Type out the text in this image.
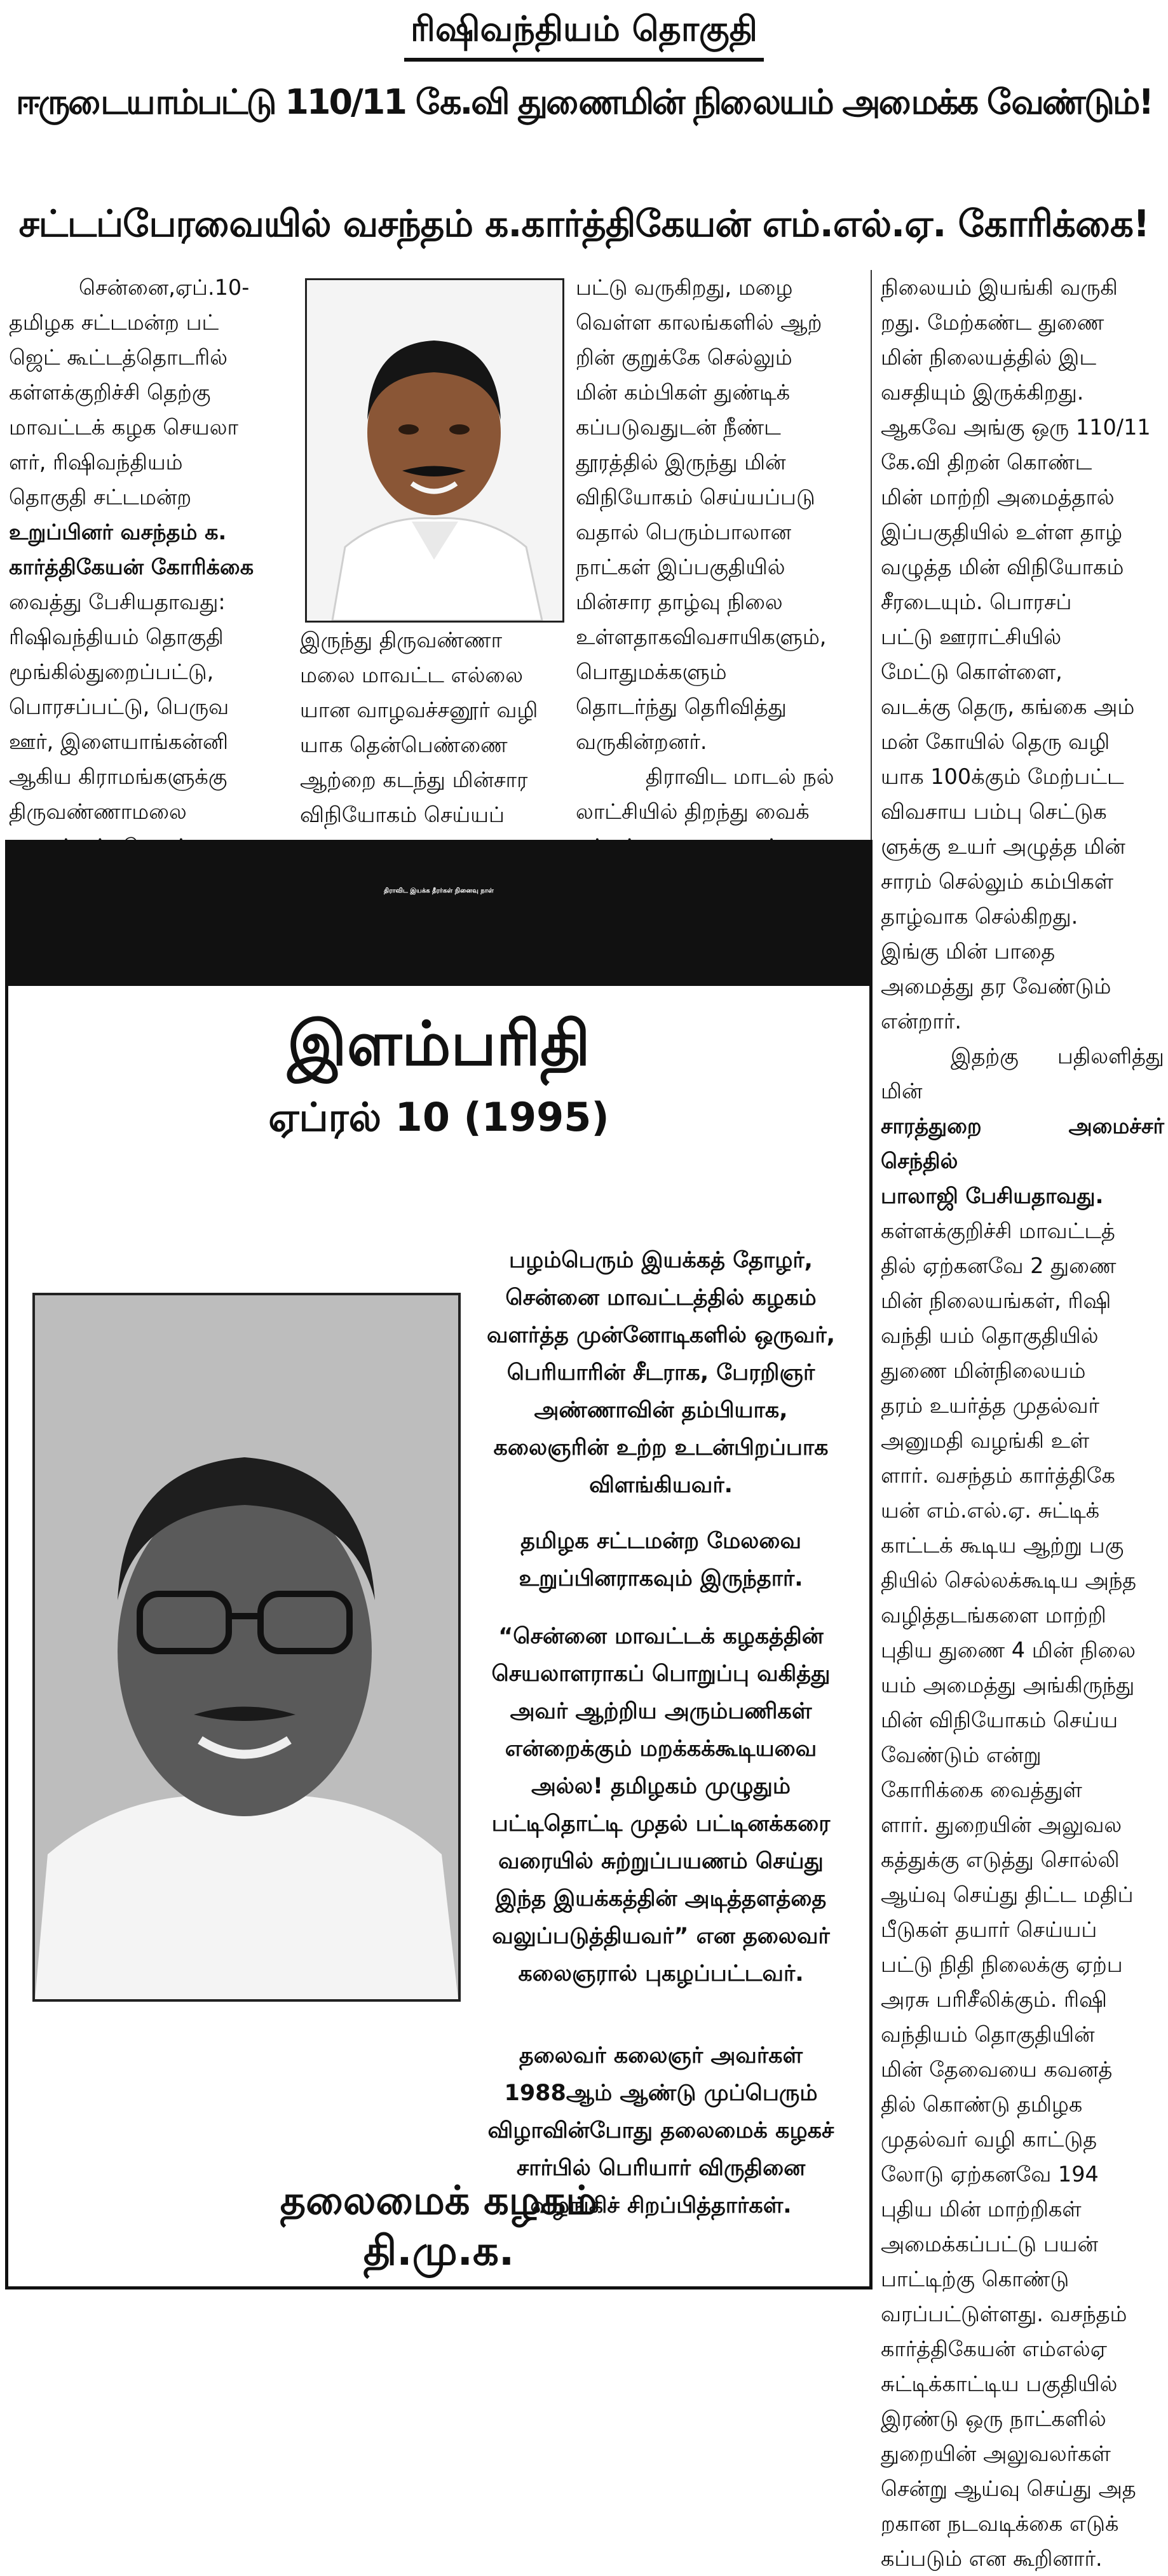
ரிஷிவந்தியம் தொகுதி
ஈருடையாம்பட்டு 110/11 கே.வி துணைமின் நிலையம் அமைக்க வேண்டும்!
சட்டப்பேரவையில் வசந்தம் க.கார்த்திகேயன் எம்.எல்.ஏ. கோரிக்கை!

சென்னை,ஏப்.10-

தமிழக சட்டமன்ற பட்

ஜெட் கூட்டத்தொடரில்

கள்ளக்குறிச்சி தெற்கு

மாவட்டக் கழக செயலா

ளர், ரிஷிவந்தியம்

தொகுதி சட்டமன்ற

உறுப்பினர் வசந்தம் க.

கார்த்திகேயன் கோரிக்கை

வைத்து பேசியதாவது:

ரிஷிவந்தியம் தொகுதி

மூங்கில்துறைப்பட்டு,

பொரசப்பட்டு, பெருவ

ஊர், இளையாங்கன்னி

ஆகிய கிராமங்களுக்கு

திருவண்ணாமலை

இருந்து திருவண்ணா

மலை மாவட்ட எல்லை

யான வாழவச்சனூர் வழி

யாக தென்பெண்ணை

ஆற்றை கடந்து மின்சார

விநியோகம் செய்யப்

பட்டு வருகிறது, மழை

வெள்ள காலங்களில் ஆற்

றின் குறுக்கே செல்லும்

மின் கம்பிகள் துண்டிக்

கப்படுவதுடன் நீண்ட

தூரத்தில் இருந்து மின்

விநியோகம் செய்யப்படு

வதால் பெரும்பாலான

நாட்கள் இப்பகுதியில்

மின்சார தாழ்வு நிலை

உள்ளதாகவிவசாயிகளும்,

பொதுமக்களும்

தொடர்ந்து தெரிவித்து

வருகின்றனர்.

திராவிட மாடல் நல்

லாட்சியில் திறந்து வைக்

நிலையம் இயங்கி வருகி

றது. மேற்கண்ட துணை

மின் நிலையத்தில் இட

வசதியும் இருக்கிறது.

ஆகவே அங்கு ஒரு 110/11

கே.வி திறன் கொண்ட

மின் மாற்றி அமைத்தால்

இப்பகுதியில் உள்ள தாழ்

வழுத்த மின் விநியோகம்

சீரடையும். பொரசப்

பட்டு ஊராட்சியில்

மேட்டு கொள்ளை,

வடக்கு தெரு, கங்கை அம்

மன் கோயில் தெரு வழி

யாக 100க்கும் மேற்பட்ட

விவசாய பம்பு செட்டுக

ளுக்கு உயர் அழுத்த மின்

சாரம் செல்லும் கம்பிகள்

தாழ்வாக செல்கிறது.

இங்கு மின் பாதை

அமைத்து தர வேண்டும்

என்றார்.

இதற்கு பதிலளித்து மின்

சாரத்துறை அமைச்சர் செந்தில்

பாலாஜி பேசியதாவது.

கள்ளக்குறிச்சி மாவட்டத்

தில் ஏற்கனவே 2 துணை

மின் நிலையங்கள், ரிஷி

வந்தி யம் தொகுதியில்

துணை மின்நிலையம்

தரம் உயர்த்த முதல்வர்

அனுமதி வழங்கி உள்

ளார். வசந்தம் கார்த்திகே

யன் எம்.எல்.ஏ. சுட்டிக்

காட்டக் கூடிய ஆற்று பகு

தியில் செல்லக்கூடிய அந்த

வழித்தடங்களை மாற்றி

புதிய துணை 4 மின் நிலை

யம் அமைத்து அங்கிருந்து

மின் விநியோகம் செய்ய

வேண்டும் என்று

கோரிக்கை வைத்துள்

ளார். துறையின் அலுவல

கத்துக்கு எடுத்து சொல்லி

ஆய்வு செய்து திட்ட மதிப்

பீடுகள் தயார் செய்யப்

பட்டு நிதி நிலைக்கு ஏற்ப

அரசு பரிசீலிக்கும். ரிஷி

வந்தியம் தொகுதியின்

மின் தேவையை கவனத்

தில் கொண்டு தமிழக

முதல்வர் வழி காட்டுத

லோடு ஏற்கனவே 194

புதிய மின் மாற்றிகள்

அமைக்கப்பட்டு பயன்

பாட்டிற்கு கொண்டு

வரப்பட்டுள்ளது. வசந்தம்

கார்த்திகேயன் எம்எல்ஏ

சுட்டிக்காட்டிய பகுதியில்

இரண்டு ஒரு நாட்களில்

துறையின் அலுவலர்கள்

சென்று ஆய்வு செய்து அத

றகான நடவடிக்கை எடுக்

கப்படும் என கூறினார்.

திராவிட இயக்க தீரர்கள் நினைவு நாள்
இளம்பரிதி
ஏப்ரல் 10 (1995)

பழம்பெரும் இயக்கத் தோழர்,

சென்னை மாவட்டத்தில் கழகம்

வளர்த்த முன்னோடிகளில் ஒருவர்,

பெரியாரின் சீடராக, பேரறிஞர்

அண்ணாவின் தம்பியாக,

கலைஞரின் உற்ற உடன்பிறப்பாக

விளங்கியவர்.

தமிழக சட்டமன்ற மேலவை

உறுப்பினராகவும் இருந்தார்.

“சென்னை மாவட்டக் கழகத்தின்

செயலாளராகப் பொறுப்பு வகித்து

அவர் ஆற்றிய அரும்பணிகள்

என்றைக்கும் மறக்கக்கூடியவை

அல்ல! தமிழகம் முழுதும்

பட்டிதொட்டி முதல் பட்டினக்கரை

வரையில் சுற்றுப்பயணம் செய்து

இந்த இயக்கத்தின் அடித்தளத்தை

வலுப்படுத்தியவர்” என தலைவர்

கலைஞரால் புகழப்பட்டவர்.

தலைவர் கலைஞர் அவர்கள்

1988ஆம் ஆண்டு முப்பெரும்

விழாவின்போது தலைமைக் கழகச்

சார்பில் பெரியார் விருதினை

வழங்கிச் சிறப்பித்தார்கள்.

தலைமைக் கழகம்
தி.மு.க.
